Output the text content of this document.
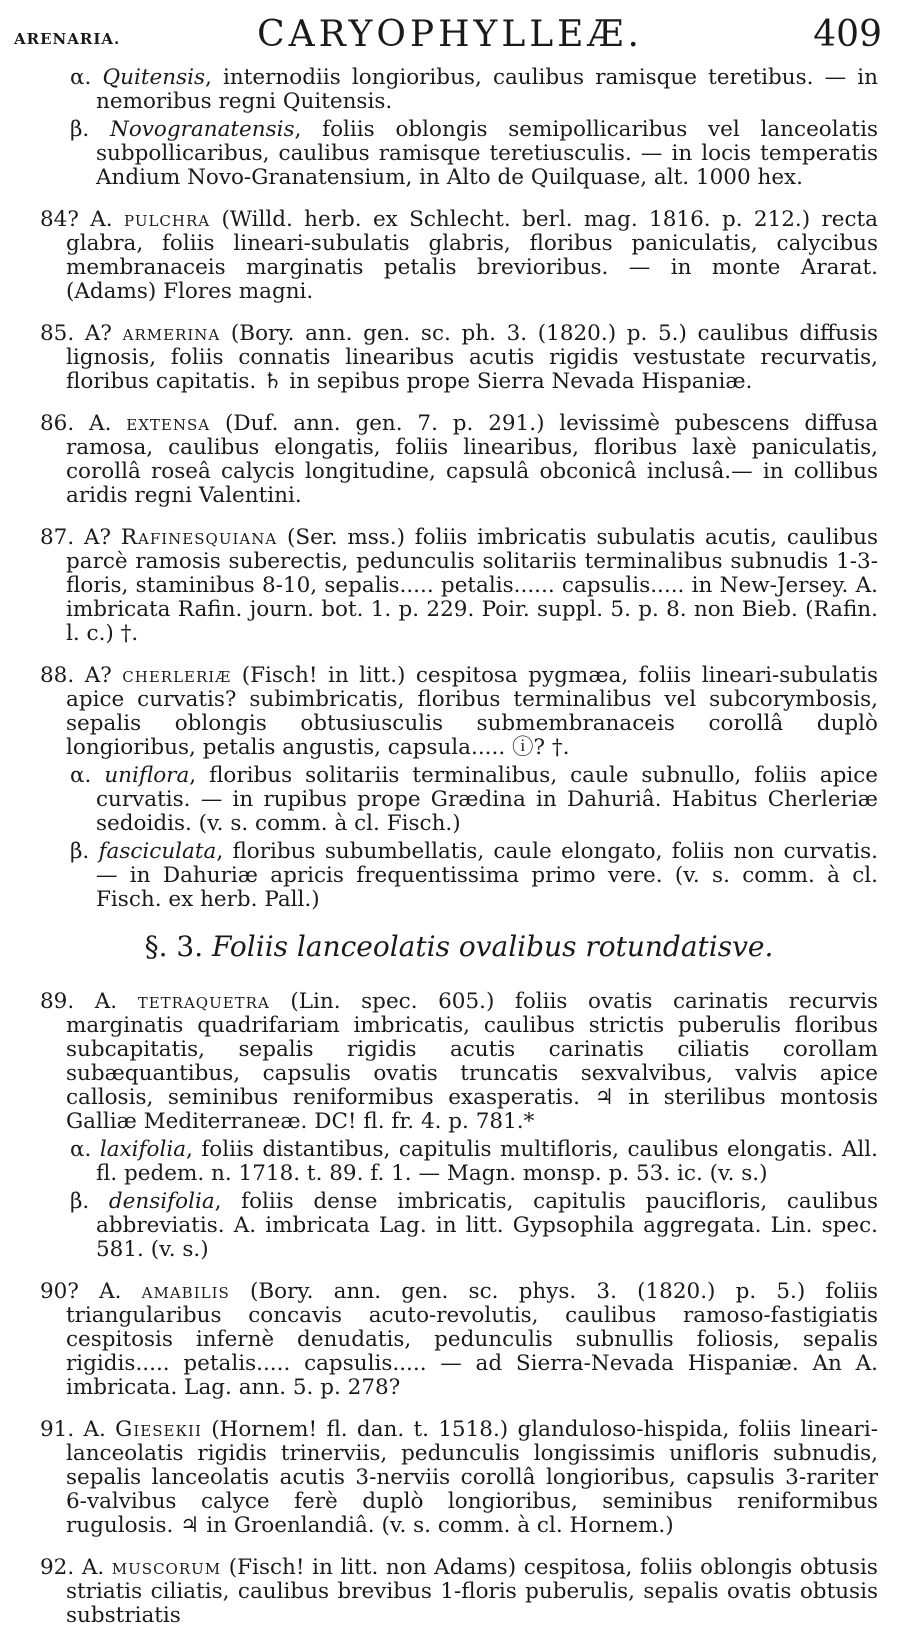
ARENARIA.	CARYOPHYLLEÆ.	409

α. Quitensis, internodiis longioribus, caulibus ramisque teretibus. — in nemoribus regni Quitensis.

β. Novogranatensis, foliis oblongis semipollicaribus vel lanceolatis subpollicaribus, caulibus ramisque teretiusculis. — in locis temperatis Andium Novo-Granatensium, in Alto de Quilquase, alt. 1000 hex.

84? A. pulchra (Willd. herb. ex Schlecht. berl. mag. 1816. p. 212.) recta glabra, foliis lineari-subulatis glabris, floribus paniculatis, calycibus membranaceis marginatis petalis brevioribus. — in monte Ararat. (Adams) Flores magni.

85. A? armerina (Bory. ann. gen. sc. ph. 3. (1820.) p. 5.) caulibus diffusis lignosis, foliis connatis linearibus acutis rigidis vestustate recurvatis, floribus capitatis. ♄ in sepibus prope Sierra Nevada Hispaniæ.

86. A. extensa (Duf. ann. gen. 7. p. 291.) levissimè pubescens diffusa ramosa, caulibus elongatis, foliis linearibus, floribus laxè paniculatis, corollâ roseâ calycis longitudine, capsulâ obconicâ inclusâ.— in collibus aridis regni Valentini.

87. A? Rafinesquiana (Ser. mss.) foliis imbricatis subulatis acutis, caulibus parcè ramosis suberectis, pedunculis solitariis terminalibus subnudis 1-3-floris, staminibus 8-10, sepalis..... petalis...... capsulis..... in New-Jersey. A. imbricata Rafin. journ. bot. 1. p. 229. Poir. suppl. 5. p. 8. non Bieb. (Rafin. l. c.) †.

88. A? cherleriæ (Fisch! in litt.) cespitosa pygmæa, foliis lineari-subulatis apice curvatis? subimbricatis, floribus terminalibus vel subcorymbosis, sepalis oblongis obtusiusculis submembranaceis corollâ duplò longioribus, petalis angustis, capsula..... ⓘ? †.

α. uniflora, floribus solitariis terminalibus, caule subnullo, foliis apice curvatis. — in rupibus prope Grædina in Dahuriâ. Habitus Cherleriæ sedoidis. (v. s. comm. à cl. Fisch.)

β. fasciculata, floribus subumbellatis, caule elongato, foliis non curvatis. — in Dahuriæ apricis frequentissima primo vere. (v. s. comm. à cl. Fisch. ex herb. Pall.)

§. 3. Foliis lanceolatis ovalibus rotundatisve.

89. A. tetraquetra (Lin. spec. 605.) foliis ovatis carinatis recurvis marginatis quadrifariam imbricatis, caulibus strictis puberulis floribus subcapitatis, sepalis rigidis acutis carinatis ciliatis corollam subæquantibus, capsulis ovatis truncatis sexvalvibus, valvis apice callosis, seminibus reniformibus exasperatis. ♃ in sterilibus montosis Galliæ Mediterraneæ. DC! fl. fr. 4. p. 781.*

α. laxifolia, foliis distantibus, capitulis multifloris, caulibus elongatis. All. fl. pedem. n. 1718. t. 89. f. 1. — Magn. monsp. p. 53. ic. (v. s.)

β. densifolia, foliis dense imbricatis, capitulis paucifloris, caulibus abbreviatis. A. imbricata Lag. in litt. Gypsophila aggregata. Lin. spec. 581. (v. s.)

90? A. amabilis (Bory. ann. gen. sc. phys. 3. (1820.) p. 5.) foliis triangularibus concavis acuto-revolutis, caulibus ramoso-fastigiatis cespitosis infernè denudatis, pedunculis subnullis foliosis, sepalis rigidis..... petalis..... capsulis..... — ad Sierra-Nevada Hispaniæ. An A. imbricata. Lag. ann. 5. p. 278?

91. A. Gieseкii (Hornem! fl. dan. t. 1518.) glanduloso-hispida, foliis lineari-lanceolatis rigidis trinerviis, pedunculis longissimis unifloris subnudis, sepalis lanceolatis acutis 3-nerviis corollâ longioribus, capsulis 3-rariter 6-valvibus calyce ferè duplò longioribus, seminibus reniformibus rugulosis. ♃ in Groenlandiâ. (v. s. comm. à cl. Hornem.)

92. A. muscorum (Fisch! in litt. non Adams) cespitosa, foliis oblongis obtusis striatis ciliatis, caulibus brevibus 1-floris puberulis, sepalis ovatis obtusis substriatis
